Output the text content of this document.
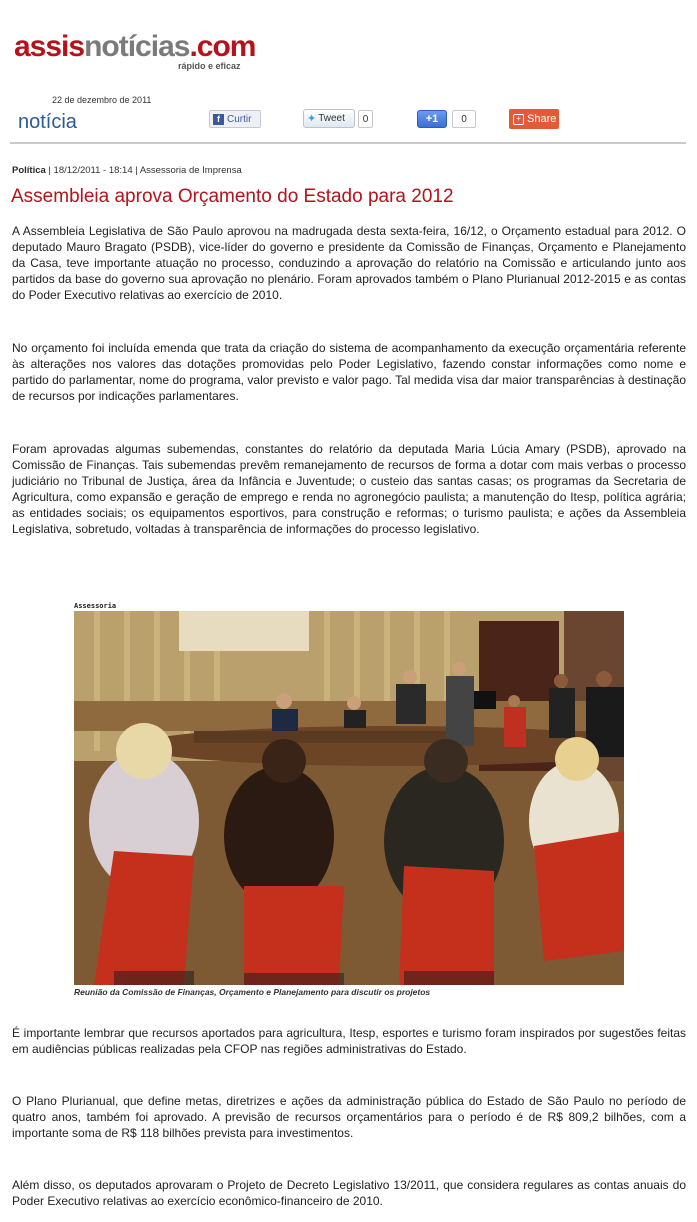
assisnotícias.com
rápido e eficaz
22 de dezembro de 2011
notícia	f Curtir	✦ Tweet	0	+1	0	+ Share
Política | 18/12/2011 - 18:14 | Assessoria de Imprensa
Assembleia aprova Orçamento do Estado para 2012

A Assembleia Legislativa de São Paulo aprovou na madrugada desta sexta-feira, 16/12, o Orçamento estadual para 2012. O deputado Mauro Bragato (PSDB), vice-líder do governo e presidente da Comissão de Finanças, Orçamento e Planejamento da Casa, teve importante atuação no processo, conduzindo a aprovação do relatório na Comissão e articulando junto aos partidos da base do governo sua aprovação no plenário. Foram aprovados também o Plano Plurianual 2012-2015 e as contas do Poder Executivo relativas ao exercício de 2010.

No orçamento foi incluída emenda que trata da criação do sistema de acompanhamento da execução orçamentária referente às alterações nos valores das dotações promovidas pelo Poder Legislativo, fazendo constar informações como nome e partido do parlamentar, nome do programa, valor previsto e valor pago. Tal medida visa dar maior transparências à destinação de recursos por indicações parlamentares.

Foram aprovadas algumas subemendas, constantes do relatório da deputada Maria Lúcia Amary (PSDB), aprovado na Comissão de Finanças. Tais subemendas prevêm remanejamento de recursos de forma a dotar com mais verbas o processo judiciário no Tribunal de Justiça, área da Infância e Juventude; o custeio das santas casas; os programas da Secretaria de Agricultura, como expansão e geração de emprego e renda no agronegócio paulista; a manutenção do Itesp, política agrária; as entidades sociais; os equipamentos esportivos, para construção e reformas; o turismo paulista; e ações da Assembleia Legislativa, sobretudo, voltadas à transparência de informações do processo legislativo.

Assessoria
Reunião da Comissão de Finanças, Orçamento e Planejamento para discutir os projetos

É importante lembrar que recursos aportados para agricultura, Itesp, esportes e turismo foram inspirados por sugestões feitas em audiências públicas realizadas pela CFOP nas regiões administrativas do Estado.

O Plano Plurianual, que define metas, diretrizes e ações da administração pública do Estado de São Paulo no período de quatro anos, também foi aprovado. A previsão de recursos orçamentários para o período é de R$ 809,2 bilhões, com a importante soma de R$ 118 bilhões prevista para investimentos.

Além disso, os deputados aprovaram o Projeto de Decreto Legislativo 13/2011, que considera regulares as contas anuais do Poder Executivo relativas ao exercício econômico-financeiro de 2010.
